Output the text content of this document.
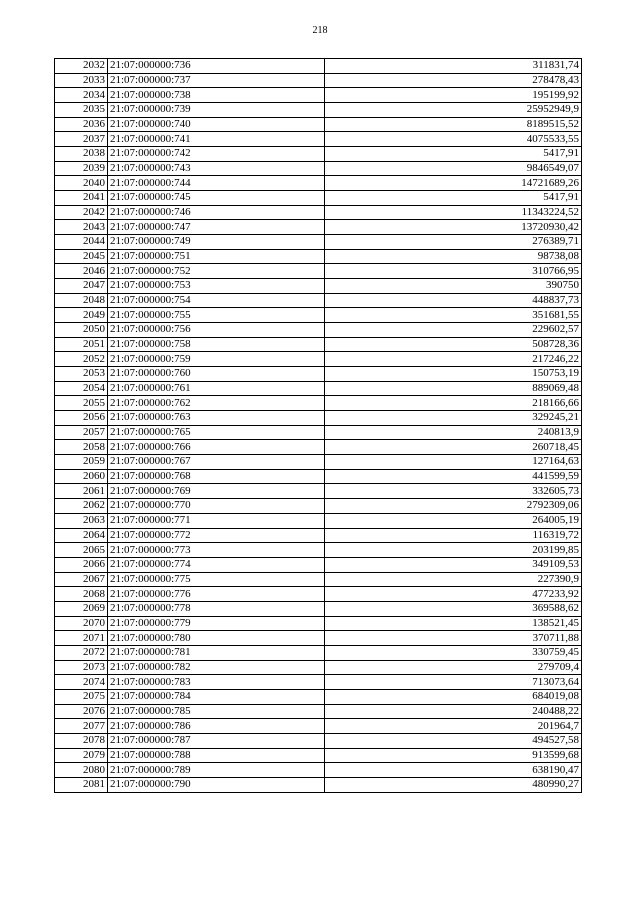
218
2032	21:07:000000:736	311831,74
2033	21:07:000000:737	278478,43
2034	21:07:000000:738	195199,92
2035	21:07:000000:739	25952949,9
2036	21:07:000000:740	8189515,52
2037	21:07:000000:741	4075533,55
2038	21:07:000000:742	5417,91
2039	21:07:000000:743	9846549,07
2040	21:07:000000:744	14721689,26
2041	21:07:000000:745	5417,91
2042	21:07:000000:746	11343224,52
2043	21:07:000000:747	13720930,42
2044	21:07:000000:749	276389,71
2045	21:07:000000:751	98738,08
2046	21:07:000000:752	310766,95
2047	21:07:000000:753	390750
2048	21:07:000000:754	448837,73
2049	21:07:000000:755	351681,55
2050	21:07:000000:756	229602,57
2051	21:07:000000:758	508728,36
2052	21:07:000000:759	217246,22
2053	21:07:000000:760	150753,19
2054	21:07:000000:761	889069,48
2055	21:07:000000:762	218166,66
2056	21:07:000000:763	329245,21
2057	21:07:000000:765	240813,9
2058	21:07:000000:766	260718,45
2059	21:07:000000:767	127164,63
2060	21:07:000000:768	441599,59
2061	21:07:000000:769	332605,73
2062	21:07:000000:770	2792309,06
2063	21:07:000000:771	264005,19
2064	21:07:000000:772	116319,72
2065	21:07:000000:773	203199,85
2066	21:07:000000:774	349109,53
2067	21:07:000000:775	227390,9
2068	21:07:000000:776	477233,92
2069	21:07:000000:778	369588,62
2070	21:07:000000:779	138521,45
2071	21:07:000000:780	370711,88
2072	21:07:000000:781	330759,45
2073	21:07:000000:782	279709,4
2074	21:07:000000:783	713073,64
2075	21:07:000000:784	684019,08
2076	21:07:000000:785	240488,22
2077	21:07:000000:786	201964,7
2078	21:07:000000:787	494527,58
2079	21:07:000000:788	913599,68
2080	21:07:000000:789	638190,47
2081	21:07:000000:790	480990,27
